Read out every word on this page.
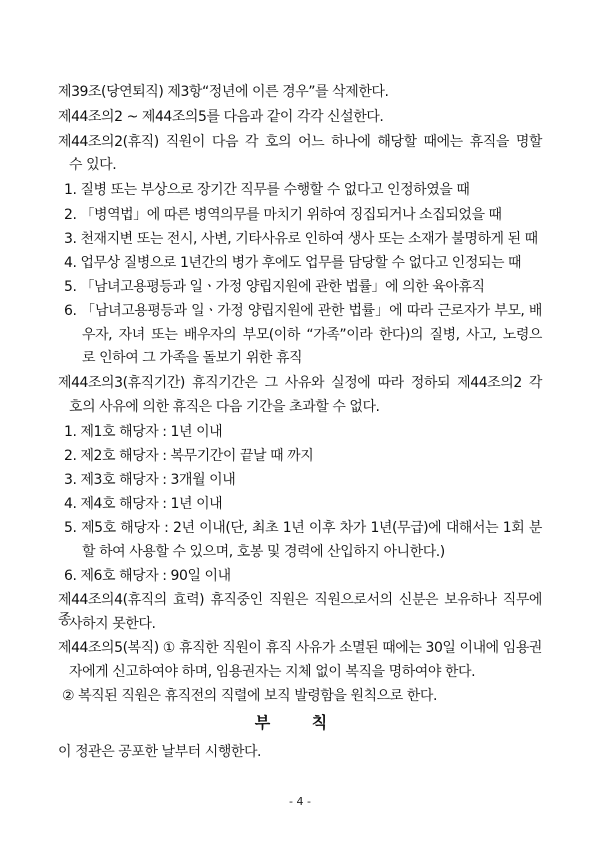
제39조(당연퇴직) 제3항“정년에 이른 경우”를 삭제한다.
제44조의2 ~ 제44조의5를 다음과 같이 각각 신설한다.
제44조의2(휴직) 직원이 다음 각 호의 어느 하나에 해당할 때에는 휴직을 명할
수 있다.
1. 질병 또는 부상으로 장기간 직무를 수행할 수 없다고 인정하였을 때
2. 「병역법」에 따른 병역의무를 마치기 위하여 징집되거나 소집되었을 때
3. 천재지변 또는 전시, 사변, 기타사유로 인하여 생사 또는 소재가 불명하게 된 때
4. 업무상 질병으로 1년간의 병가 후에도 업무를 담당할 수 없다고 인정되는 때
5. 「남녀고용평등과 일ㆍ가정 양립지원에 관한 법률」에 의한 육아휴직
6. 「남녀고용평등과 일ㆍ가정 양립지원에 관한 법률」에 따라 근로자가 부모, 배
우자, 자녀 또는 배우자의 부모(이하 “가족”이라 한다)의 질병, 사고, 노령으
로 인하여 그 가족을 돌보기 위한 휴직
제44조의3(휴직기간) 휴직기간은 그 사유와 실정에 따라 정하되 제44조의2 각
호의 사유에 의한 휴직은 다음 기간을 초과할 수 없다.
1. 제1호 해당자 : 1년 이내
2. 제2호 해당자 : 복무기간이 끝날 때 까지
3. 제3호 해당자 : 3개월 이내
4. 제4호 해당자 : 1년 이내
5. 제5호 해당자 : 2년 이내(단, 최초 1년 이후 차가 1년(무급)에 대해서는 1회 분
할 하여 사용할 수 있으며, 호봉 및 경력에 산입하지 아니한다.)
6. 제6호 해당자 : 90일 이내
제44조의4(휴직의 효력) 휴직중인 직원은 직원으로서의 신분은 보유하나 직무에 종
사하지 못한다.
제44조의5(복직) ① 휴직한 직원이 휴직 사유가 소멸된 때에는 30일 이내에 임용권
자에게 신고하여야 하며, 임용권자는 지체 없이 복직을 명하여야 한다.
② 복직된 직원은 휴직전의 직렬에 보직 발령함을 원칙으로 한다.
부 칙
이 정관은 공포한 날부터 시행한다.
- 4 -
